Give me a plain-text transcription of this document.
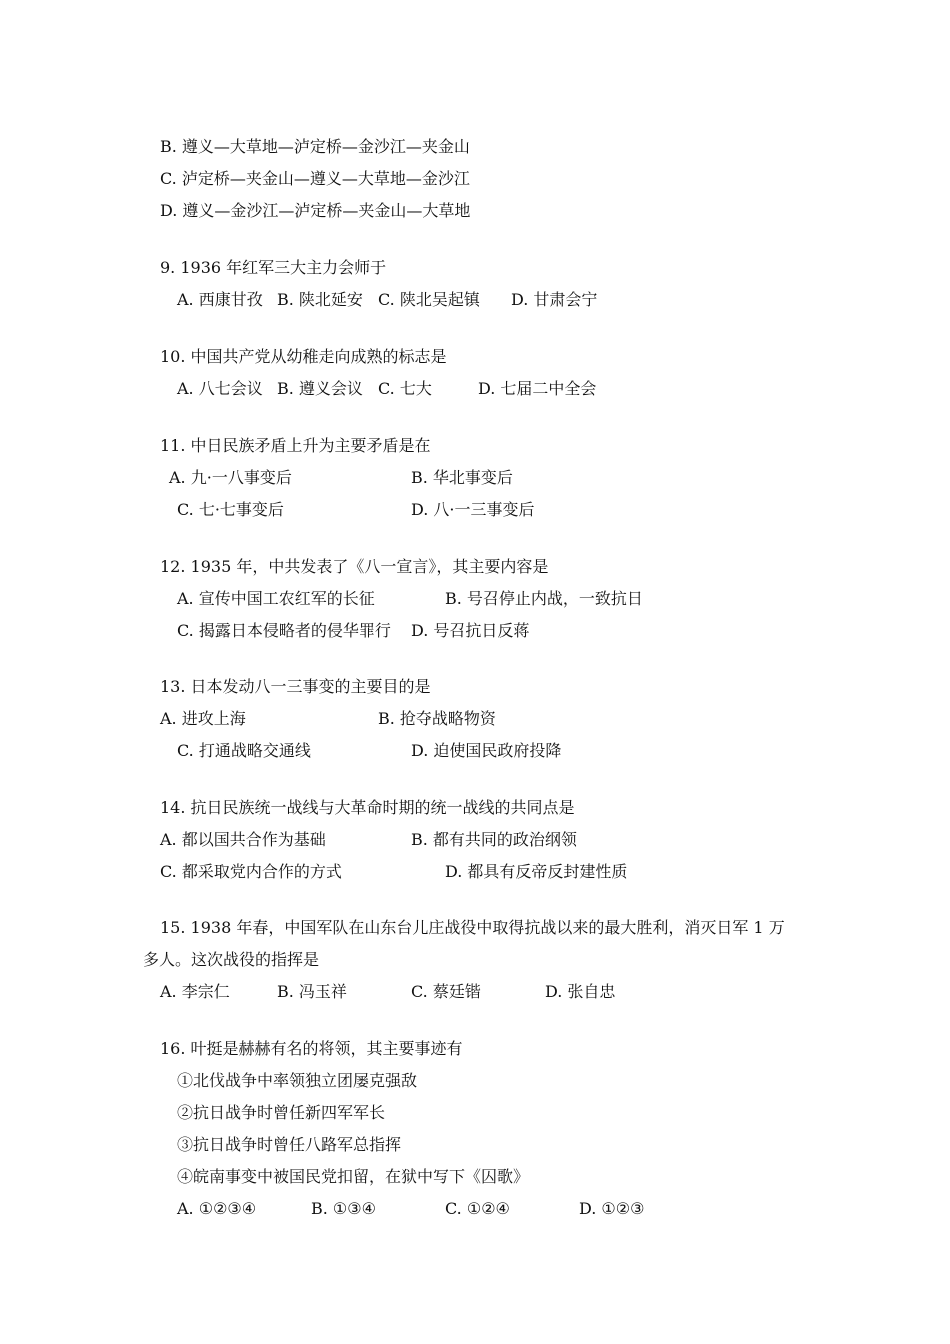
B. 遵义—大草地—泸定桥—金沙江—夹金山
C. 泸定桥—夹金山—遵义—大草地—金沙江
D. 遵义—金沙江—泸定桥—夹金山—大草地
9. 1936 年红军三大主力会师于
A. 西康甘孜 B. 陕北延安 C. 陕北吴起镇 D. 甘肃会宁
10. 中国共产党从幼稚走向成熟的标志是
A. 八七会议 B. 遵义会议 C. 七大	D. 七届二中全会
11. 中日民族矛盾上升为主要矛盾是在
A. 九·一八事变后	B. 华北事变后
C. 七·七事变后	D. 八·一三事变后
12. 1935 年，中共发表了《八一宣言》，其主要内容是
A. 宣传中国工农红军的长征	B. 号召停止内战，一致抗日
C. 揭露日本侵略者的侵华罪行 D. 号召抗日反蒋
13. 日本发动八一三事变的主要目的是
A. 进攻上海	B. 抢夺战略物资
C. 打通战略交通线	D. 迫使国民政府投降
14. 抗日民族统一战线与大革命时期的统一战线的共同点是
A. 都以国共合作为基础	B. 都有共同的政治纲领
C. 都采取党内合作的方式	D. 都具有反帝反封建性质
15. 1938 年春，中国军队在山东台儿庄战役中取得抗战以来的最大胜利，消灭日军 1 万
多人。这次战役的指挥是
A. 李宗仁	B. 冯玉祥	C. 蔡廷锴	D. 张自忠
16. 叶挺是赫赫有名的将领，其主要事迹有
①北伐战争中率领独立团屡克强敌
②抗日战争时曾任新四军军长
③抗日战争时曾任八路军总指挥
④皖南事变中被国民党扣留，在狱中写下《囚歌》
A. ①②③④	B. ①③④	C. ①②④	D. ①②③
